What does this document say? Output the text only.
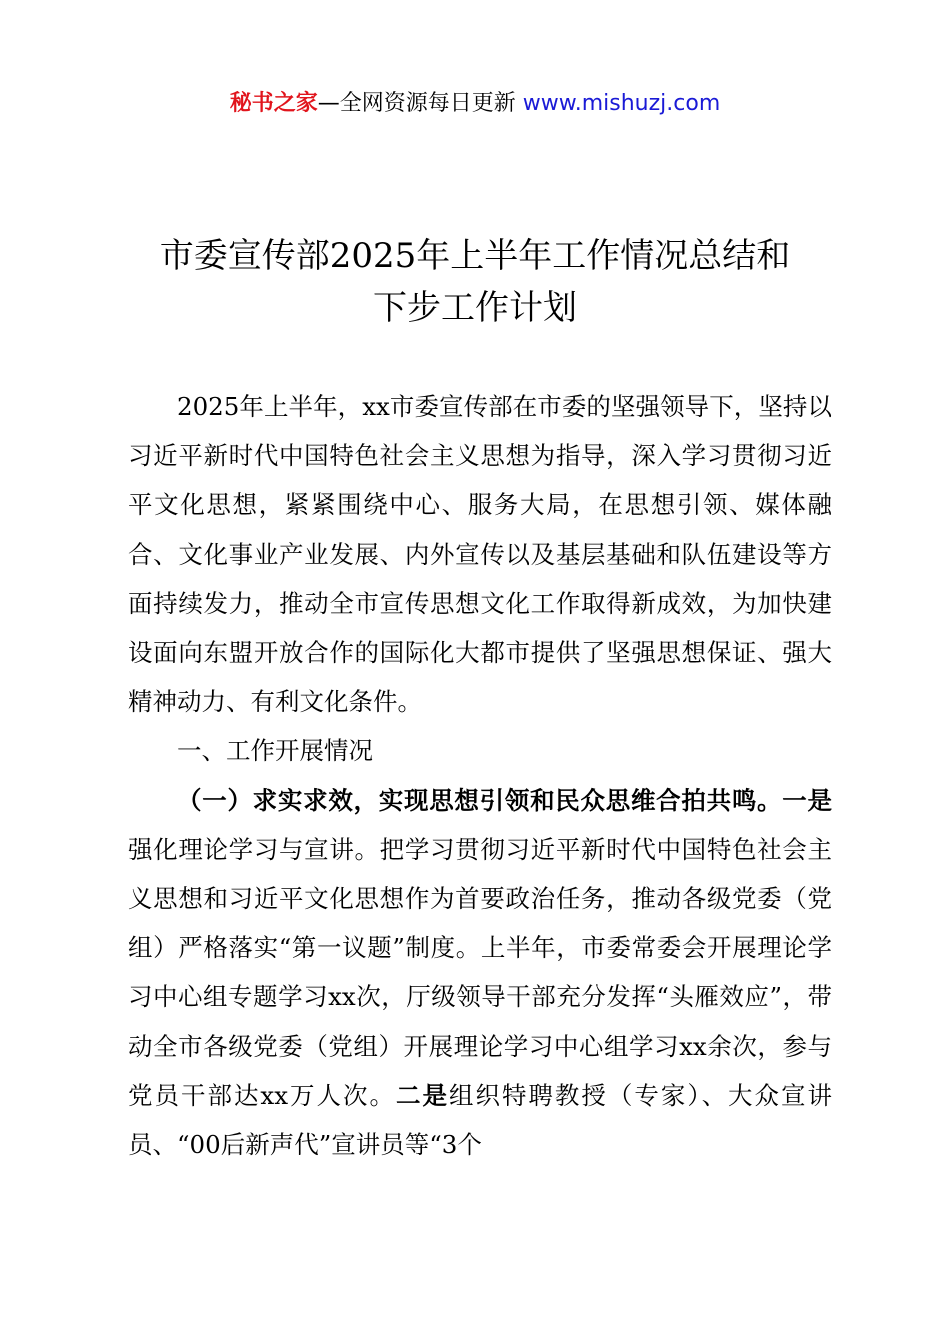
秘书之家—全网资源每日更新 www.mishuzj.com
市委宣传部2025年上半年工作情况总结和
下步工作计划

2025年上半年，xx市委宣传部在市委的坚强领导下，坚持以习近平新时代中国特色社会主义思想为指导，深入学习贯彻习近平文化思想，紧紧围绕中心、服务大局，在思想引领、媒体融合、文化事业产业发展、内外宣传以及基层基础和队伍建设等方面持续发力，推动全市宣传思想文化工作取得新成效，为加快建设面向东盟开放合作的国际化大都市提供了坚强思想保证、强大精神动力、有利文化条件。

一、工作开展情况

（一）求实求效，实现思想引领和民众思维合拍共鸣。一是强化理论学习与宣讲。把学习贯彻习近平新时代中国特色社会主义思想和习近平文化思想作为首要政治任务，推动各级党委（党组）严格落实“第一议题”制度。上半年，市委常委会开展理论学习中心组专题学习xx次，厅级领导干部充分发挥“头雁效应”，带动全市各级党委（党组）开展理论学习中心组学习xx余次，参与党员干部达xx万人次。二是组织特聘教授（专家）、大众宣讲员、“00后新声代”宣讲员等“3个
